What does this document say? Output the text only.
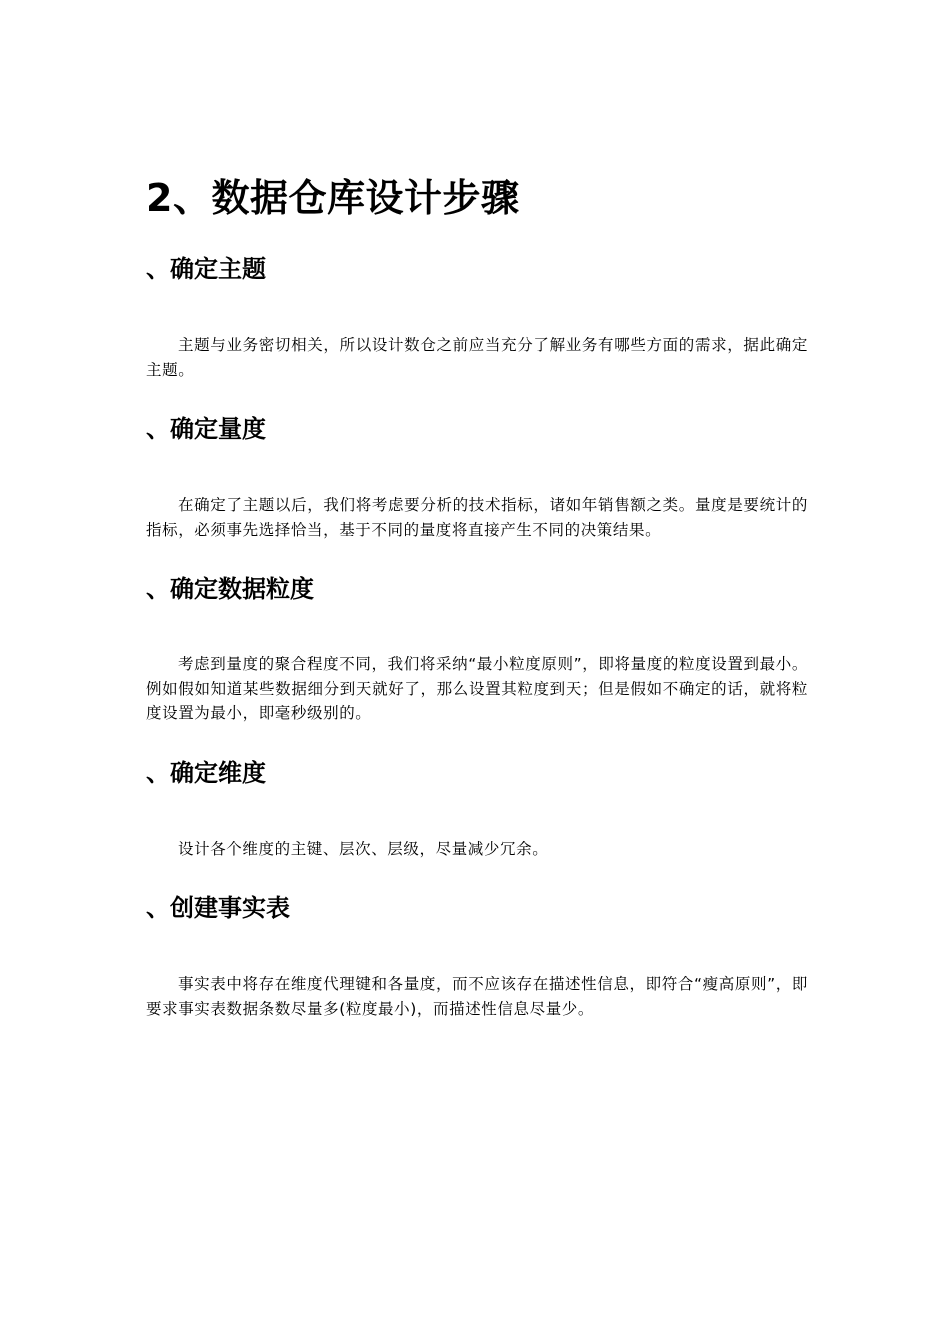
2、数据仓库设计步骤
、确定主题

主题与业务密切相关，所以设计数仓之前应当充分了解业务有哪些方面的需求，据此确定主题。

、确定量度

在确定了主题以后，我们将考虑要分析的技术指标，诸如年销售额之类。量度是要统计的指标，必须事先选择恰当，基于不同的量度将直接产生不同的决策结果。

、确定数据粒度

考虑到量度的聚合程度不同，我们将采纳“最小粒度原则”，即将量度的粒度设置到最小。例如假如知道某些数据细分到天就好了，那么设置其粒度到天；但是假如不确定的话，就将粒度设置为最小，即毫秒级别的。

、确定维度

设计各个维度的主键、层次、层级，尽量减少冗余。

、创建事实表

事实表中将存在维度代理键和各量度，而不应该存在描述性信息，即符合“瘦高原则”，即要求事实表数据条数尽量多(粒度最小)，而描述性信息尽量少。
